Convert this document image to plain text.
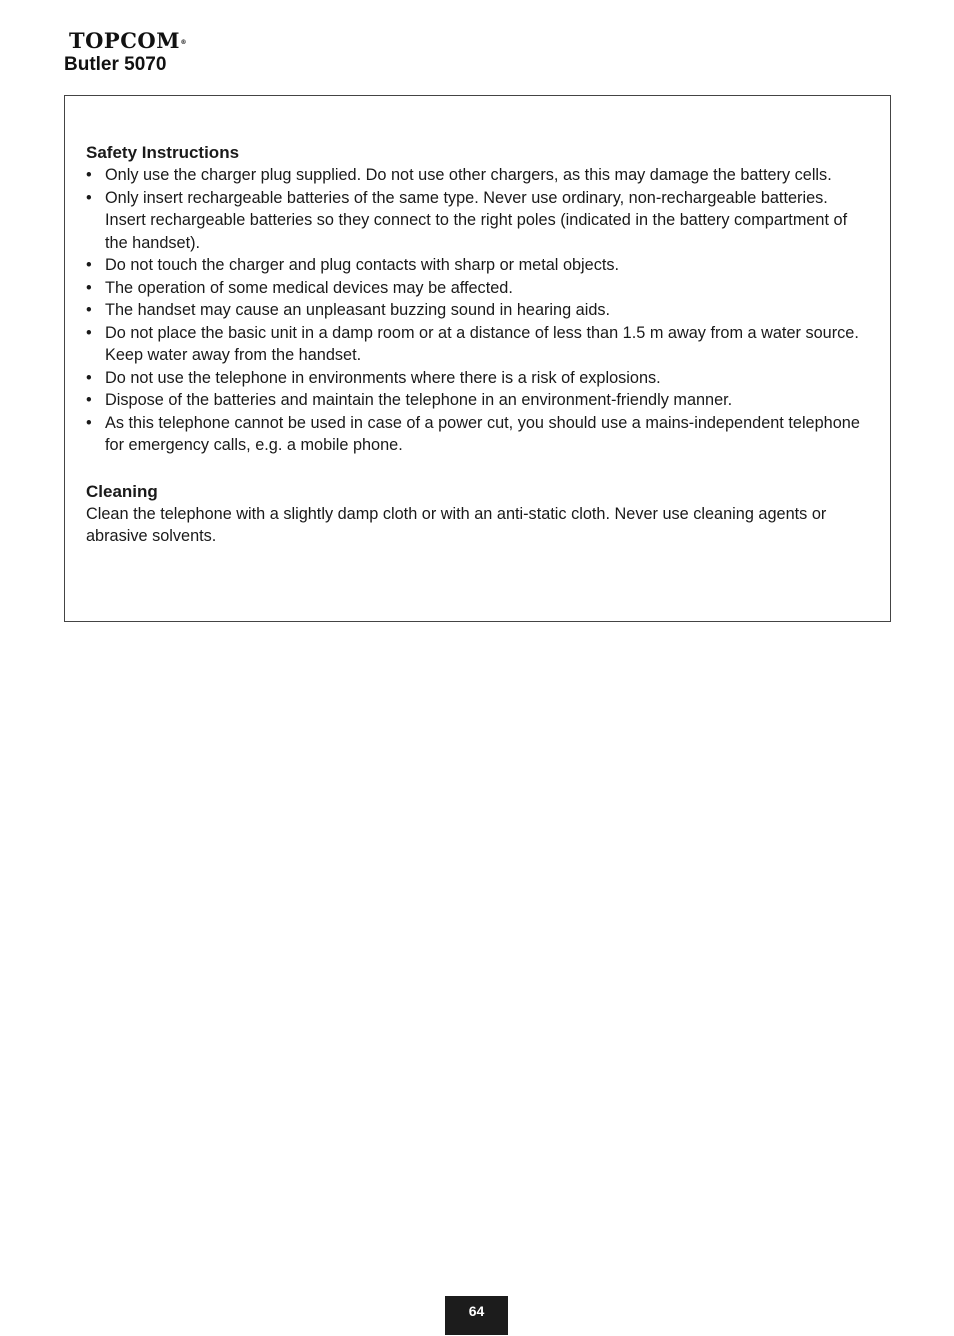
TOPCOM ®
Butler 5070
Safety Instructions
• Only use the charger plug supplied. Do not use other chargers, as this may damage the battery cells.
• Only insert rechargeable batteries of the same type. Never use ordinary, non-rechargeable batteries. Insert rechargeable batteries so they connect to the right poles (indicated in the battery compartment of the handset).
• Do not touch the charger and plug contacts with sharp or metal objects.
• The operation of some medical devices may be affected.
• The handset may cause an unpleasant buzzing sound in hearing aids.
• Do not place the basic unit in a damp room or at a distance of less than 1.5 m away from a water source. Keep water away from the handset.
• Do not use the telephone in environments where there is a risk of explosions.
• Dispose of the batteries and maintain the telephone in an environment-friendly manner.
• As this telephone cannot be used in case of a power cut, you should use a mains-independent telephone for emergency calls, e.g. a mobile phone.
Cleaning

Clean the telephone with a slightly damp cloth or with an anti-static cloth. Never use cleaning agents or abrasive solvents.

64
